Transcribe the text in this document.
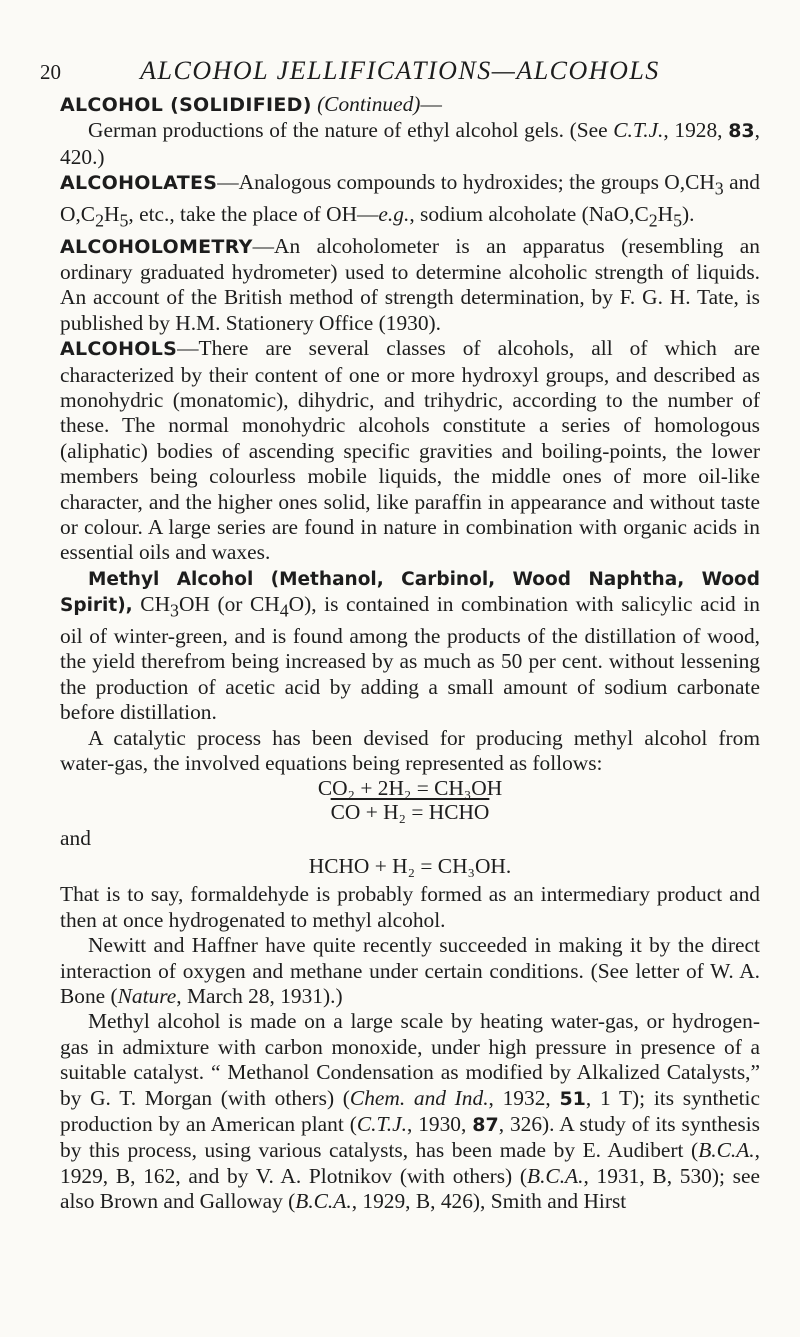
20	ALCOHOL JELLIFICATIONS—ALCOHOLS

ALCOHOL (SOLIDIFIED) (Continued)—
German productions of the nature of ethyl alcohol gels. (See C.T.J., 1928, 83, 420.)

ALCOHOLATES—Analogous compounds to hydroxides; the groups $O,CH_3$ and $O,C_2H_5$, etc., take the place of OH—e.g., sodium alcoholate $(NaO,C_2H_5)$.

ALCOHOLOMETRY—An alcoholometer is an apparatus (resembling an ordinary graduated hydrometer) used to determine alcoholic strength of liquids. An account of the British method of strength determination, by F. G. H. Tate, is published by H.M. Stationery Office (1930).

ALCOHOLS—There are several classes of alcohols, all of which are characterized by their content of one or more hydroxyl groups, and described as monohydric (monatomic), dihydric, and trihydric, according to the number of these. The normal monohydric alcohols constitute a series of homologous (aliphatic) bodies of ascending specific gravities and boiling-points, the lower members being colourless mobile liquids, the middle ones of more oil-like character, and the higher ones solid, like paraffin in appearance and without taste or colour. A large series are found in nature in combination with organic acids in essential oils and waxes.

Methyl Alcohol (Methanol, Carbinol, Wood Naphtha, Wood Spirit), $CH_3OH$ (or $CH_4O$), is contained in combination with salicylic acid in oil of winter-green, and is found among the products of the distillation of wood, the yield therefrom being increased by as much as 50 per cent. without lessening the production of acetic acid by adding a small amount of sodium carbonate before distillation.

A catalytic process has been devised for producing methyl alcohol from water-gas, the involved equations being represented as follows:

CO₂ + 2H₂ = CH₃OH
CO + H₂ = HCHO
and
HCHO + H₂ = CH₃OH.

That is to say, formaldehyde is probably formed as an intermediary product and then at once hydrogenated to methyl alcohol.

Newitt and Haffner have quite recently succeeded in making it by the direct interaction of oxygen and methane under certain conditions. (See letter of W. A. Bone (Nature, March 28, 1931).)

Methyl alcohol is made on a large scale by heating water-gas, or hydrogen-gas in admixture with carbon monoxide, under high pressure in presence of a suitable catalyst. “ Methanol Condensation as modified by Alkalized Catalysts,” by G. T. Morgan (with others) (Chem. and Ind., 1932, 51, 1 T); its synthetic production by an American plant (C.T.J., 1930, 87, 326). A study of its synthesis by this process, using various catalysts, has been made by E. Audibert (B.C.A., 1929, B, 162, and by V. A. Plotnikov (with others) (B.C.A., 1931, B, 530); see also Brown and Galloway (B.C.A., 1929, B, 426), Smith and Hirst
